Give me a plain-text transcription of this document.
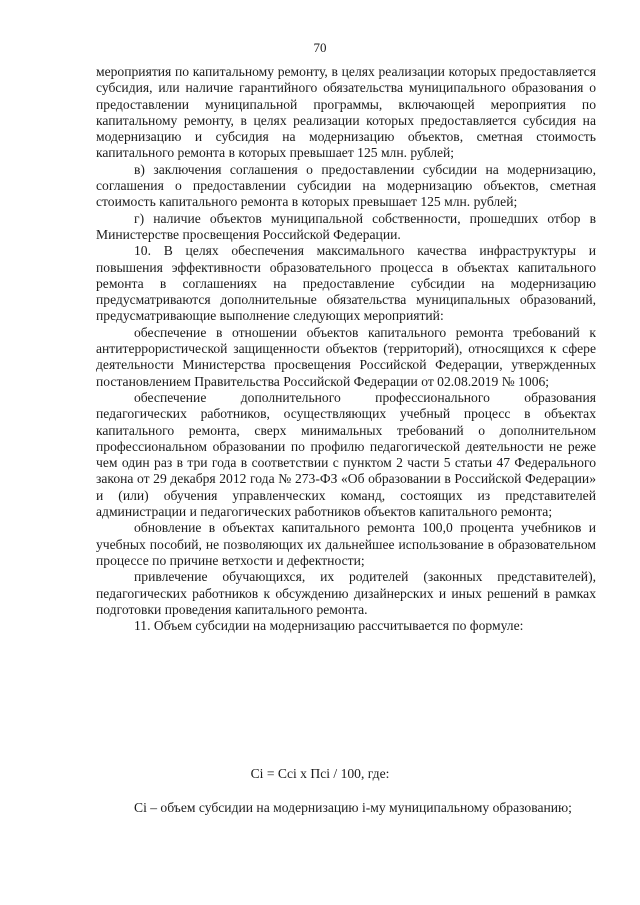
70

мероприятия по капитальному ремонту, в целях реализации которых предоставляется субсидия, или наличие гарантийного обязательства муниципального образования о предоставлении муниципальной программы, включающей мероприятия по капитальному ремонту, в целях реализации которых предоставляется субсидия на модернизацию и субсидия на модернизацию объектов, сметная стоимость капитального ремонта в которых превышает 125 млн. рублей;

в) заключения соглашения о предоставлении субсидии на модернизацию, соглашения о предоставлении субсидии на модернизацию объектов, сметная стоимость капитального ремонта в которых превышает 125 млн. рублей;

г) наличие объектов муниципальной собственности, прошедших отбор в Министерстве просвещения Российской Федерации.

10. В целях обеспечения максимального качества инфраструктуры и повышения эффективности образовательного процесса в объектах капитального ремонта в соглашениях на предоставление субсидии на модернизацию предусматриваются дополнительные обязательства муниципальных образований, предусматривающие выполнение следующих мероприятий:

обеспечение в отношении объектов капитального ремонта требований к антитеррористической защищенности объектов (территорий), относящихся к сфере деятельности Министерства просвещения Российской Федерации, утвержденных постановлением Правительства Российской Федерации от 02.08.2019 № 1006;

обеспечение дополнительного профессионального образования педагогических работников, осуществляющих учебный процесс в объектах капитального ремонта, сверх минимальных требований о дополнительном профессиональном образовании по профилю педагогической деятельности не реже чем один раз в три года в соответствии с пунктом 2 части 5 статьи 47 Федерального закона от 29 декабря 2012 года № 273-ФЗ «Об образовании в Российской Федерации» и (или) обучения управленческих команд, состоящих из представителей администрации и педагогических работников объектов капитального ремонта;

обновление в объектах капитального ремонта 100,0 процента учебников и учебных пособий, не позволяющих их дальнейшее использование в образовательном процессе по причине ветхости и дефектности;

привлечение обучающихся, их родителей (законных представителей), педагогических работников к обсуждению дизайнерских и иных решений в рамках подготовки проведения капитального ремонта.

11. Объем субсидии на модернизацию рассчитывается по формуле:

Ci = Ccі x Пci / 100, где:

Ci – объем субсидии на модернизацию і-му муниципальному образованию;
